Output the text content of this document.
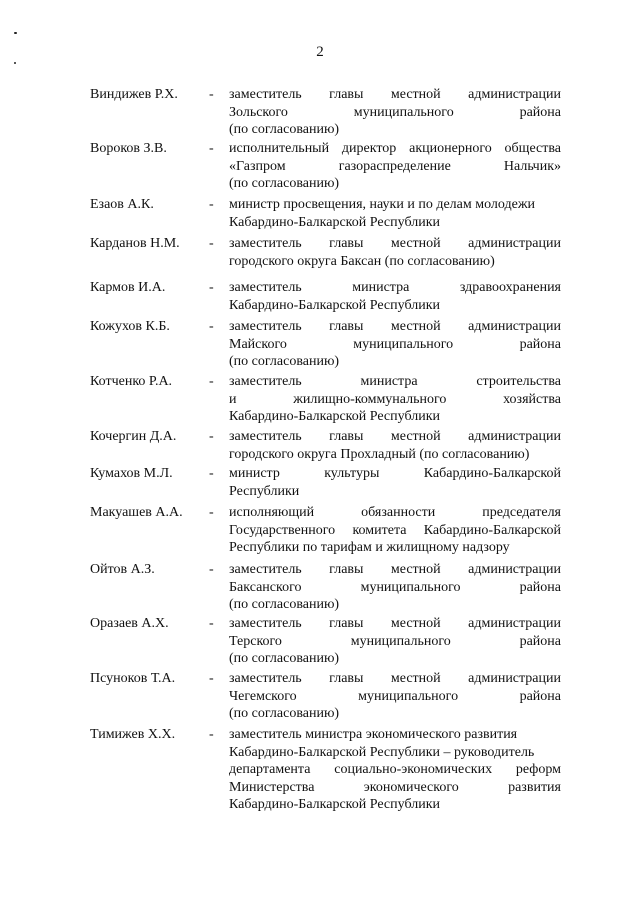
2
Виндижев Р.Х. - заместитель главы местной администрации
Зольского муниципального района
(по согласованию)
Вороков З.В.	- исполнительный директор акционерного общества
«Газпром газораспределение Нальчик»
(по согласованию)
Езаов А.К.	- министр просвещения, науки и по делам молодежи
Кабардино-Балкарской Республики
Карданов Н.М. - заместитель главы местной администрации
городского округа Баксан (по согласованию)
Кармов И.А.	- заместитель министра здравоохранения
Кабардино-Балкарской Республики
Кожухов К.Б.	- заместитель главы местной администрации
Майского муниципального района
(по согласованию)
Котченко Р.А.	- заместитель министра строительства
и жилищно-коммунального хозяйства
Кабардино-Балкарской Республики
Кочергин Д.А. - заместитель главы местной администрации
городского округа Прохладный (по согласованию)
Кумахов М.Л.	- министр культуры Кабардино-Балкарской
Республики
Макуашев А.А. - исполняющий обязанности председателя
Государственного комитета Кабардино-Балкарской
Республики по тарифам и жилищному надзору
Ойтов А.З.	- заместитель главы местной администрации
Баксанского муниципального района
(по согласованию)
Оразаев А.Х.	- заместитель главы местной администрации
Терского муниципального района
(по согласованию)
Псуноков Т.А. - заместитель главы местной администрации
Чегемского муниципального района
(по согласованию)
Тимижев Х.Х. - заместитель министра экономического развития
Кабардино-Балкарской Республики – руководитель
департамента социально-экономических реформ
Министерства экономического развития
Кабардино-Балкарской Республики
